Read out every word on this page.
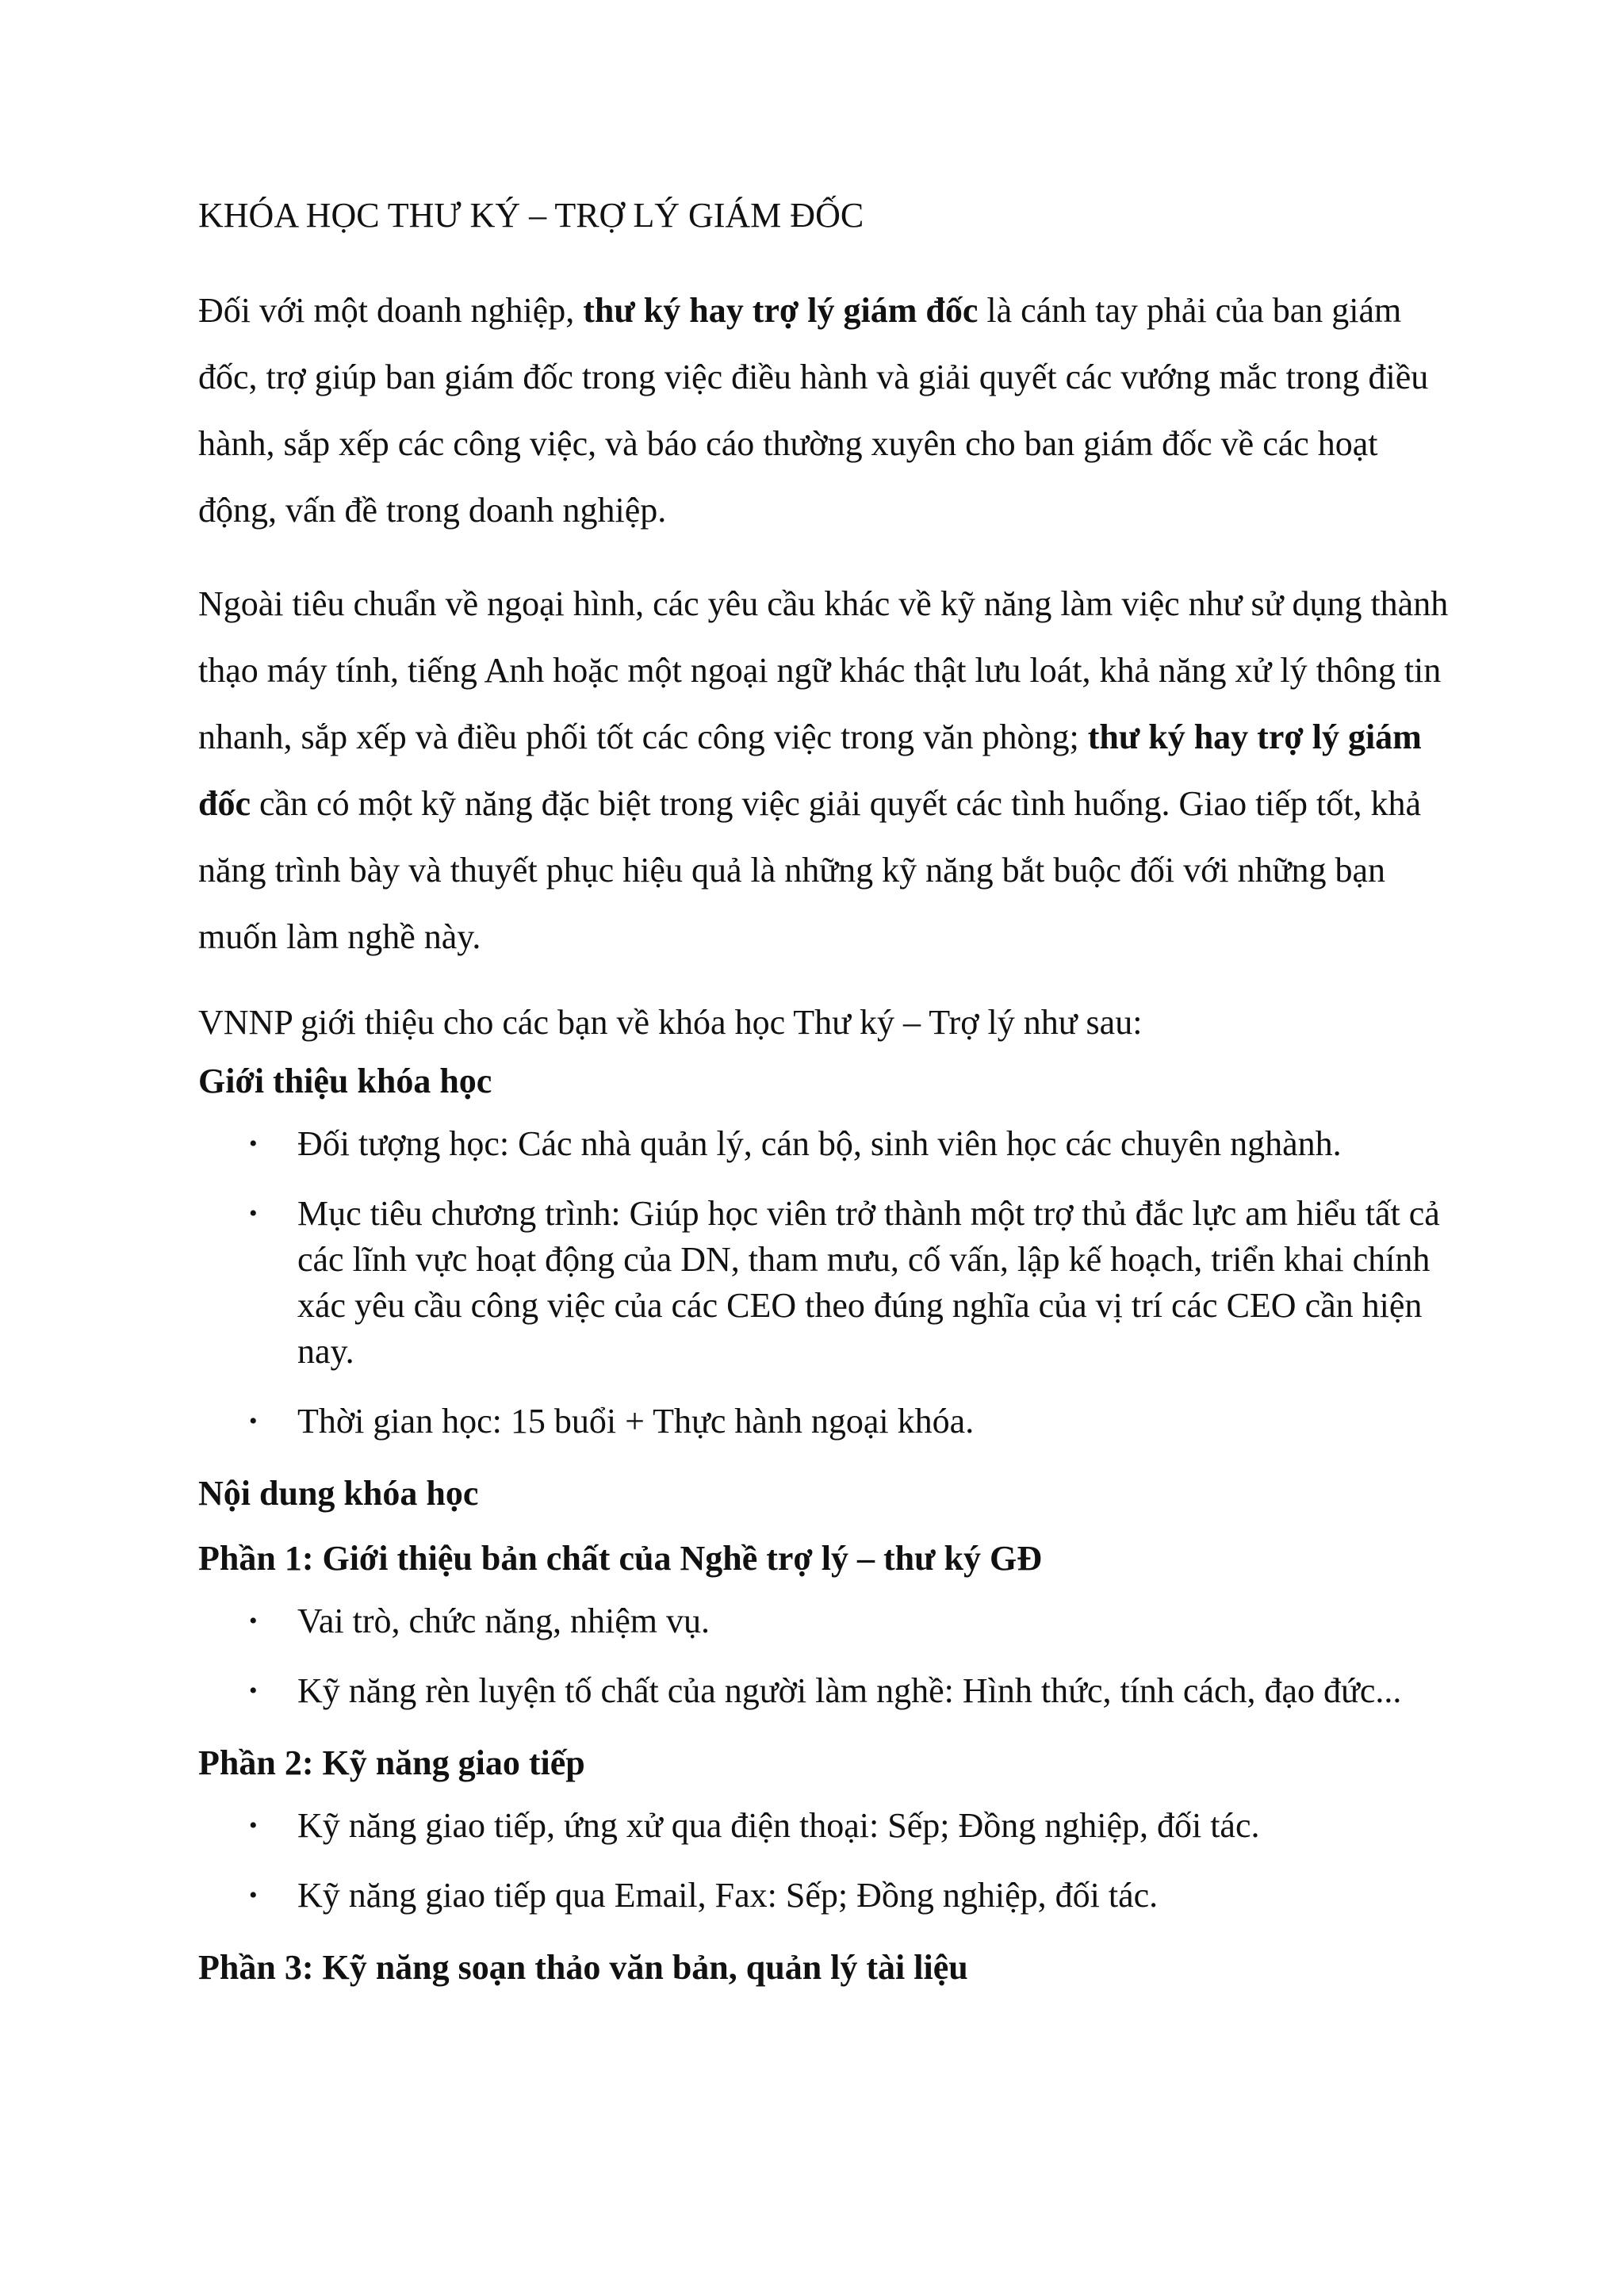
KHÓA HỌC THƯ KÝ – TRỢ LÝ GIÁM ĐỐC

Đối với một doanh nghiệp, thư ký hay trợ lý giám đốc là cánh tay phải của ban giám đốc, trợ giúp ban giám đốc trong việc điều hành và giải quyết các vướng mắc trong điều hành, sắp xếp các công việc, và báo cáo thường xuyên cho ban giám đốc về các hoạt động, vấn đề trong doanh nghiệp.

Ngoài tiêu chuẩn về ngoại hình, các yêu cầu khác về kỹ năng làm việc như sử dụng thành thạo máy tính, tiếng Anh hoặc một ngoại ngữ khác thật lưu loát, khả năng xử lý thông tin nhanh, sắp xếp và điều phối tốt các công việc trong văn phòng; thư ký hay trợ lý giám đốc cần có một kỹ năng đặc biệt trong việc giải quyết các tình huống. Giao tiếp tốt, khả năng trình bày và thuyết phục hiệu quả là những kỹ năng bắt buộc đối với những bạn muốn làm nghề này.

VNNP giới thiệu cho các bạn về khóa học Thư ký – Trợ lý như sau:

Giới thiệu khóa học

• Đối tượng học: Các nhà quản lý, cán bộ, sinh viên học các chuyên nghành.
• Mục tiêu chương trình: Giúp học viên trở thành một trợ thủ đắc lực am hiểu tất cả các lĩnh vực hoạt động của DN, tham mưu, cố vấn, lập kế hoạch, triển khai chính xác yêu cầu công việc của các CEO theo đúng nghĩa của vị trí các CEO cần hiện nay.
• Thời gian học: 15 buổi + Thực hành ngoại khóa.

Nội dung khóa học

Phần 1: Giới thiệu bản chất của Nghề trợ lý – thư ký GĐ

• Vai trò, chức năng, nhiệm vụ.
• Kỹ năng rèn luyện tố chất của người làm nghề: Hình thức, tính cách, đạo đức...

Phần 2: Kỹ năng giao tiếp

• Kỹ năng giao tiếp, ứng xử qua điện thoại: Sếp; Đồng nghiệp, đối tác.
• Kỹ năng giao tiếp qua Email, Fax: Sếp; Đồng nghiệp, đối tác.

Phần 3: Kỹ năng soạn thảo văn bản, quản lý tài liệu
